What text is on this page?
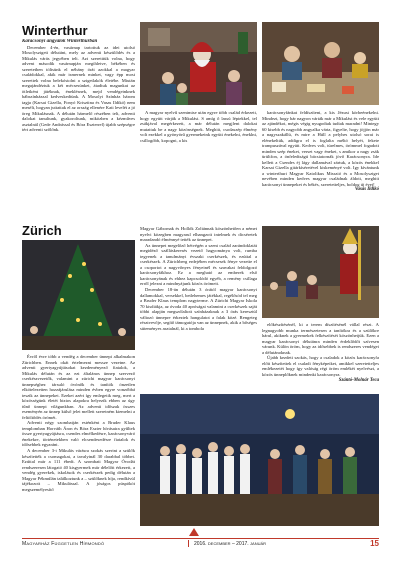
Winterthur

Karácsonyi angyalok Winterthurban

December 4-én, vasárnap tartottuk az idei utolsó Mosolyszigeti délutánt, mely az adventi készülődés és a Mikulás várás jegyében telt. Azt szeretttük volna, hogy advent második vasárnapján megihletve, békében és szeretetben töltsünk el néhány órát azokkal a magyar családokkal, akik már ismernek minket, vagy épp most szerettek volna belekóstolni a szigetlakók életébe. Miután megajándéztuk a két mécsesünket, átadtuk magunkat az ötletként játéknak, éneklésnek, mejd vendégeinknek bábszínházzal kedveskedtünk. A Mosolyi Színház három tagja (Karsai Gizella, Fonyó Krisztina és Vasas Ildikó) nem mesélt, hogyan juttattak el az ország ellenére Kati levelét a jó öreg Mikulásnak. A délután hármelő részében telt, adventi dalokat tanultunk, gyakoroltunk, miközben a kézműves asztalnál (Gede Andrással és Bóra Eszterrel) újabb szépségre tért adventi szőlőnk.

A magyar nyelvű szentmise után egyre több család érkezett, hogy együtt várják a Mikulást. S amíg õ lassú léptekkel, tel zsákjával megérkezett, a már délután megjlent dalokat mutattuk be a nagy közönségnek. Meghitt, csodaszép élmény volt ezekkel a gyönyörű gyermekeink együtt énekelni, éneklni, csillogóbb, kopogni, a kis

karácsonyfánkat feldíszíteni, a kis Jézust körbeénekelni. Mindezt, hogy bár nagyon várták már a Mikulást és vele együtt az ajándékot, mégis végig nyugodtak tudtak maradni! Mintegy 60 kisebb és nagyobb angyalka várta, figyelte, hogy jöjjön már a nagyszakállú, és mire a Húll a pelyhes utolsó sorai is elénekeltük, addigra el is foglalta méltó helyét, fekete trampuszával együtt. Kedves volt, türelmes, örömmel fogadott minden szép éneket, verset vagy éneket, s amikor a nagy zsák ürültfon, a önfeledtságú bácsiatornák jövő Karácsonyra. Ide kellett a Csendes éj lágy dallamával zártuk, a közös énekkel Karsai Gizella gitárkíséretével kiskeményé volt. Igy kívántunk a winterthuri Magyar Katolikus Misszió és a Mosolysziget nevében minden kedves magyar családnak áldott, meghitt karácsonyi ünnepeket és békés, szeretetteljes, boldog új évet!

Vasas Ildikó

Zürich

Évről évre több a vendég a december ünnepi alkalmakon Zürichben. Ennek okát értelmezni messze vezetne. Az adventi gyertyagyújtásokat kezdeményező fiatalok, a Mikulás délután és az ezt általános ünnep szervező cserkészvezetők, valamint a zürichi magyar karácsonyi ünnepséghez társuló óvónők és tanítók önzetlen elkötelezetten hozzájárulása minden évben egyre vonzóbbá teszik az ünnepeket. Ezeket azért így emlegetik meg, mert a közösségünk életét biztos alapokra helyezik ebben az úgy tűnő ünnepi világunkban. Az adventi időszak összes eseményén az ünnep külső jelei mellett szeretném kiemelni a feltöltődés örömét.

Adventi négy szombatján esténként a Bruder Klaus templomban Horváth Áron és Bóra Eszter hívásaira gyűltek össze gyertyagyújtásra, csendes elmélkedésre, karácsonyváró énekekre, történetekben való elcsendesedésre fiatalok és idősebbek egyaránt.

A december 3-i Mikulás várásra szokás szerint a szülők készítették a csomagokat, a tavalyinál 30 darabbal többet. Ezúttal már a 111 ébedt. A szombati Magyar Óvodát rendszeresen látogató 40 kisgyermek már délelőtt érkezett, a vendég gyerekek, iskolások és cserkészek pedig délután a Magyar Pékmúlán találkoztunk a – szülőknek híja, rendkívül tájékozott – Mikulással. A jóságos püspököt megszemélyesítő

Magyar Gábornak és Hollók Zoltánnak köszönhetően a német nyelvi közegben magyarul elhangzott intelmek és dicséretek maradandó élménnyé tették az ünnepet.

Az ünnepet megelőző hétvégén a szent család zarándoklatát megidéző szálláskeresés vezető hagyománya volt, rumba tegyenek a tanulmányi évszaki cserkészek, és ezúttal a cserkészek. A Zürichberg erdejében mécsesek fénye vezette el a csoportot a nagyvőnyes fényeinél és szavakat feldolgozó karácsonyfákhoz. Ez a megható az emberek első karácsonyának és ehhez kapcsolódó egyéb, a remény csillaga erről jelezni a mindnyájunk közös örömeit.

December 18-án délután 3 órától magyar karácsonyi dallamokkal, versekkel, betlehemes játékkal, regélősöd tel meg a Bruder Klaus templom nagyterme. A Zürichi Magyar Iskola 70 kisdiákja, az óvoda 40 apróságai valamint a cserkészek saját többi alapján megszólaltott színházaknak a 3 órás keresztül változó ünnepre érkeztek hangulatot a falak közé. Rengeteg résztvevője, segítő támogatója van az ünnepnek, akik a bőséges süteményes asztalnál, ki a tombola

előkészítésénél, ki a terem díszítésénél vállal részt. A legnagyobb munka természetesen a tanítókra és a szülőkre hárul, akiknek a gyermekek felkészítését köszönhetjük. Ezen a magyar karácsonyi délutánra minden érdeklődőt szívesen várunk. Külön öröm, hogy az idősebbek is rendszeres vendégei a délutánoknak.

Újabb kezdeti szokás, hogy a csaladok a közös karácsonyfa előtt készítettek el csaladi fényképeiket, amikkel szeretetteljes emlékezetét hogy így valóság régi öröm emlékét nyelvészt, a közös ünneplőknek mindenki karácsonyra.

Szántó-Molnár Teca

Magyarház Független Hírmondó	2016. december – 2017. január	15
